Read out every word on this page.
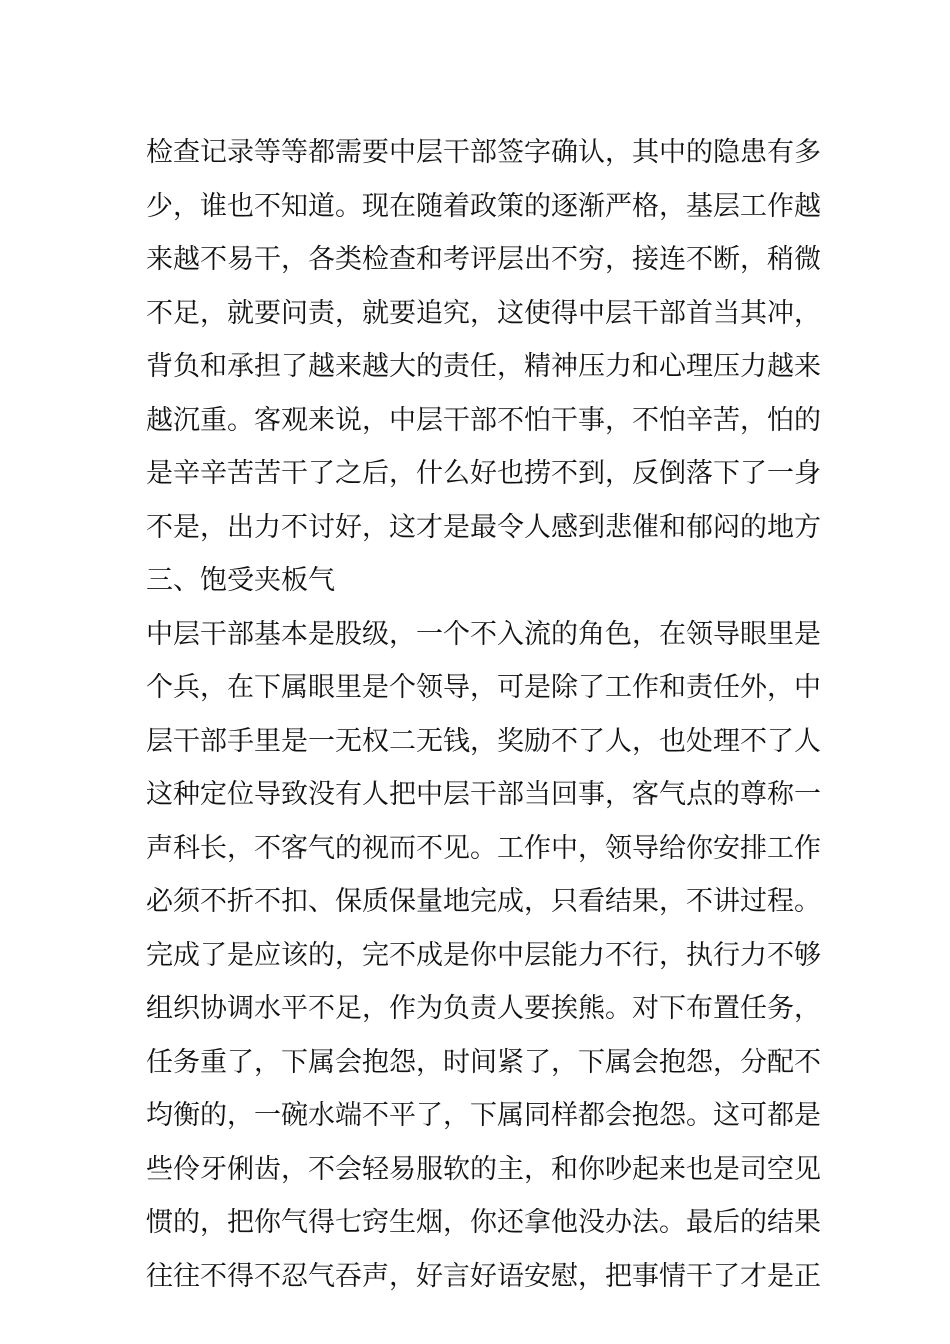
检查记录等等都需要中层干部签字确认，其中的隐患有多
少，谁也不知道。现在随着政策的逐渐严格，基层工作越
来越不易干，各类检查和考评层出不穷，接连不断，稍微
不足，就要问责，就要追究，这使得中层干部首当其冲，
背负和承担了越来越大的责任，精神压力和心理压力越来
越沉重。客观来说，中层干部不怕干事，不怕辛苦，怕的
是辛辛苦苦干了之后，什么好也捞不到，反倒落下了一身
不是，出力不讨好，这才是最令人感到悲催和郁闷的地方
三、饱受夹板气
中层干部基本是股级，一个不入流的角色，在领导眼里是
个兵，在下属眼里是个领导，可是除了工作和责任外，中
层干部手里是一无权二无钱，奖励不了人，也处理不了人
这种定位导致没有人把中层干部当回事，客气点的尊称一
声科长，不客气的视而不见。工作中，领导给你安排工作
必须不折不扣、保质保量地完成，只看结果，不讲过程。
完成了是应该的，完不成是你中层能力不行，执行力不够
组织协调水平不足，作为负责人要挨熊。对下布置任务，
任务重了，下属会抱怨，时间紧了，下属会抱怨，分配不
均衡的，一碗水端不平了，下属同样都会抱怨。这可都是
些伶牙俐齿，不会轻易服软的主，和你吵起来也是司空见
惯的，把你气得七窍生烟，你还拿他没办法。最后的结果
往往不得不忍气吞声，好言好语安慰，把事情干了才是正
